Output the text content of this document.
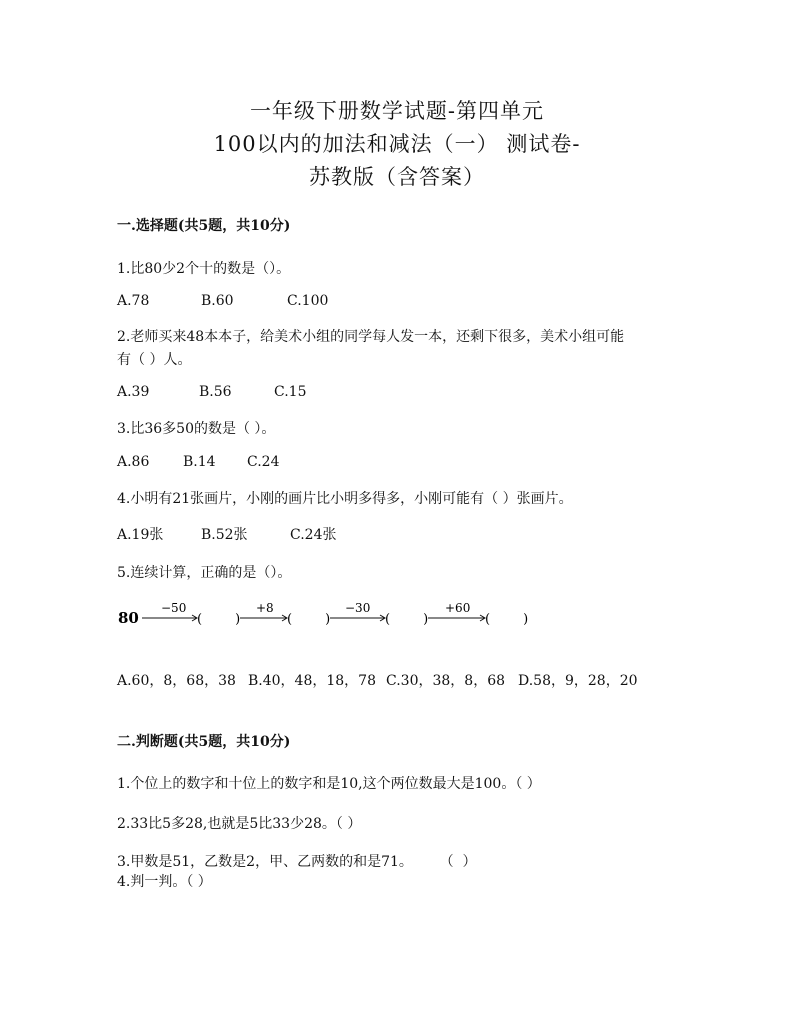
一年级下册数学试题-第四单元
100以内的加法和减法（一） 测试卷-
苏教版（含答案）
一.选择题(共5题，共10分)
1.比80少2个十的数是（）。
A.78	B.60	C.100
2.老师买来48本本子，给美术小组的同学每人发一本，还剩下很多，美术小组可能
有（ ）人。
A.39	B.56	C.15
3.比36多50的数是（ ）。
A.86 B.14 C.24
4.小明有21张画片，小刚的画片比小明多得多，小刚可能有（ ）张画片。
A.19张	B.52张	C.24张
5.连续计算，正确的是（）。
80
−50
(        )
+8
(        )
−30
(        )
+60
(        )
A.60，8，68，38 B.40，48，18，78 C.30，38，8，68 D.58，9，28，20
二.判断题(共5题，共10分)
1.个位上的数字和十位上的数字和是10,这个两位数最大是100。（ ）
2.33比5多28,也就是5比33少28。（ ）
3.甲数是51，乙数是2，甲、乙两数的和是71。      （  ）
4.判一判。（ ）
